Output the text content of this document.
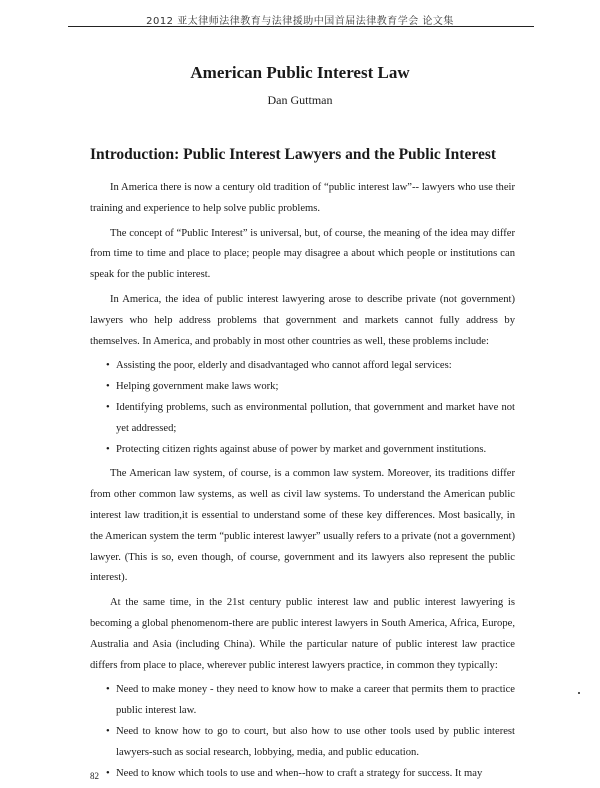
2012 亚太律师法律教育与法律援助中国首届法律教育学会 论文集
American Public Interest Law
Dan Guttman
Introduction: Public Interest Lawyers and the Public Interest

In America there is now a century old tradition of “public interest law”-- lawyers who use their training and experience to help solve public problems.

The concept of “Public Interest” is universal, but, of course, the meaning of the idea may differ from time to time and place to place; people may disagree a about which people or institutions can speak for the public interest.

In America, the idea of public interest lawyering arose to describe private (not government) lawyers who help address problems that government and markets cannot fully address by themselves. In America, and probably in most other countries as well, these problems include:

• Assisting the poor, elderly and disadvantaged who cannot afford legal services:
• Helping government make laws work;
• Identifying problems, such as environmental pollution, that government and market have not yet addressed;
• Protecting citizen rights against abuse of power by market and government institutions.

The American law system, of course, is a common law system. Moreover, its traditions differ from other common law systems, as well as civil law systems. To understand the American public interest law tradition,it is essential to understand some of these key differences. Most basically, in the American system the term “public interest lawyer” usually refers to a private (not a government) lawyer. (This is so, even though, of course, government and its lawyers also represent the public interest).

At the same time, in the 21st century public interest law and public interest lawyering is becoming a global phenomenom-there are public interest lawyers in South America, Africa, Europe, Australia and Asia (including China). While the particular nature of public interest law practice differs from place to place, wherever public interest lawyers practice, in common they typically:

• Need to make money - they need to know how to make a career that permits them to practice public interest law.
• Need to know how to go to court, but also how to use other tools used by public interest lawyers-such as social research, lobbying, media, and public education.
• Need to know which tools to use and when--how to craft a strategy for success. It may
82
